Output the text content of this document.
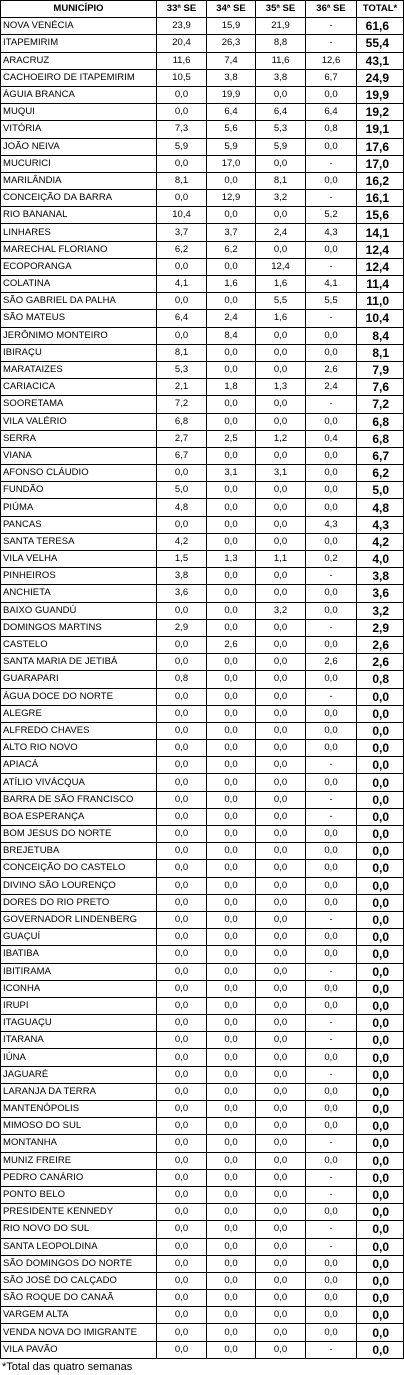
MUNICÍPIO	33ª SE	34ª SE	35ª SE	36ª SE	TOTAL*
NOVA VENÉCIA	23,9	15,9	21,9	-	61,6
ITAPEMIRIM	20,4	26,3	8,8	-	55,4
ARACRUZ	11,6	7,4	11,6	12,6	43,1
CACHOEIRO DE ITAPEMIRIM	10,5	3,8	3,8	6,7	24,9
ÁGUIA BRANCA	0,0	19,9	0,0	0,0	19,9
MUQUI	0,0	6,4	6,4	6,4	19,2
VITÓRIA	7,3	5,6	5,3	0,8	19,1
JOÃO NEIVA	5,9	5,9	5,9	0,0	17,6
MUCURICI	0,0	17,0	0,0	-	17,0
MARILÂNDIA	8,1	0,0	8,1	0,0	16,2
CONCEIÇÃO DA BARRA	0,0	12,9	3,2	-	16,1
RIO BANANAL	10,4	0,0	0,0	5,2	15,6
LINHARES	3,7	3,7	2,4	4,3	14,1
MARECHAL FLORIANO	6,2	6,2	0,0	0,0	12,4
ECOPORANGA	0,0	0,0	12,4	-	12,4
COLATINA	4,1	1,6	1,6	4,1	11,4
SÃO GABRIEL DA PALHA	0,0	0,0	5,5	5,5	11,0
SÃO MATEUS	6,4	2,4	1,6	-	10,4
JERÔNIMO MONTEIRO	0,0	8,4	0,0	0,0	8,4
IBIRAÇU	8,1	0,0	0,0	0,0	8,1
MARATAIZES	5,3	0,0	0,0	2,6	7,9
CARIACICA	2,1	1,8	1,3	2,4	7,6
SOORETAMA	7,2	0,0	0,0	-	7,2
VILA VALÉRIO	6,8	0,0	0,0	0,0	6,8
SERRA	2,7	2,5	1,2	0,4	6,8
VIANA	6,7	0,0	0,0	0,0	6,7
AFONSO CLÁUDIO	0,0	3,1	3,1	0,0	6,2
FUNDÃO	5,0	0,0	0,0	0,0	5,0
PIÚMA	4,8	0,0	0,0	0,0	4,8
PANCAS	0,0	0,0	0,0	4,3	4,3
SANTA TERESA	4,2	0,0	0,0	0,0	4,2
VILA VELHA	1,5	1,3	1,1	0,2	4,0
PINHEIROS	3,8	0,0	0,0	-	3,8
ANCHIETA	3,6	0,0	0,0	0,0	3,6
BAIXO GUANDÚ	0,0	0,0	3,2	0,0	3,2
DOMINGOS MARTINS	2,9	0,0	0,0	-	2,9
CASTELO	0,0	2,6	0,0	0,0	2,6
SANTA MARIA DE JETIBÁ	0,0	0,0	0,0	2,6	2,6
GUARAPARI	0,8	0,0	0,0	0,0	0,8
ÁGUA DOCE DO NORTE	0,0	0,0	0,0	-	0,0
ALEGRE	0,0	0,0	0,0	0,0	0,0
ALFREDO CHAVES	0,0	0,0	0,0	0,0	0,0
ALTO RIO NOVO	0,0	0,0	0,0	0,0	0,0
APIACÁ	0,0	0,0	0,0	-	0,0
ATÍLIO VIVÁCQUA	0,0	0,0	0,0	0,0	0,0
BARRA DE SÃO FRANCISCO	0,0	0,0	0,0	-	0,0
BOA ESPERANÇA	0,0	0,0	0,0	-	0,0
BOM JESUS DO NORTE	0,0	0,0	0,0	0,0	0,0
BREJETUBA	0,0	0,0	0,0	0,0	0,0
CONCEIÇÃO DO CASTELO	0,0	0,0	0,0	0,0	0,0
DIVINO SÃO LOURENÇO	0,0	0,0	0,0	0,0	0,0
DORES DO RIO PRETO	0,0	0,0	0,0	0,0	0,0
GOVERNADOR LINDENBERG	0,0	0,0	0,0	-	0,0
GUAÇUÍ	0,0	0,0	0,0	0,0	0,0
IBATIBA	0,0	0,0	0,0	0,0	0,0
IBITIRAMA	0,0	0,0	0,0	-	0,0
ICONHA	0,0	0,0	0,0	0,0	0,0
IRUPI	0,0	0,0	0,0	0,0	0,0
ITAGUAÇU	0,0	0,0	0,0	-	0,0
ITARANA	0,0	0,0	0,0	-	0,0
IÚNA	0,0	0,0	0,0	0,0	0,0
JAGUARÉ	0,0	0,0	0,0	-	0,0
LARANJA DA TERRA	0,0	0,0	0,0	0,0	0,0
MANTENÓPOLIS	0,0	0,0	0,0	0,0	0,0
MIMOSO DO SUL	0,0	0,0	0,0	0,0	0,0
MONTANHA	0,0	0,0	0,0	-	0,0
MUNIZ FREIRE	0,0	0,0	0,0	0,0	0,0
PEDRO CANÁRIO	0,0	0,0	0,0	-	0,0
PONTO BELO	0,0	0,0	0,0	-	0,0
PRESIDENTE KENNEDY	0,0	0,0	0,0	0,0	0,0
RIO NOVO DO SUL	0,0	0,0	0,0	-	0,0
SANTA LEOPOLDINA	0,0	0,0	0,0	-	0,0
SÃO DOMINGOS DO NORTE	0,0	0,0	0,0	0,0	0,0
SÃO JOSÉ DO CALÇADO	0,0	0,0	0,0	0,0	0,0
SÃO ROQUE DO CANAÃ	0,0	0,0	0,0	0,0	0,0
VARGEM ALTA	0,0	0,0	0,0	0,0	0,0
VENDA NOVA DO IMIGRANTE	0,0	0,0	0,0	0,0	0,0
VILA PAVÃO	0,0	0,0	0,0	-	0,0
*Total das quatro semanas
